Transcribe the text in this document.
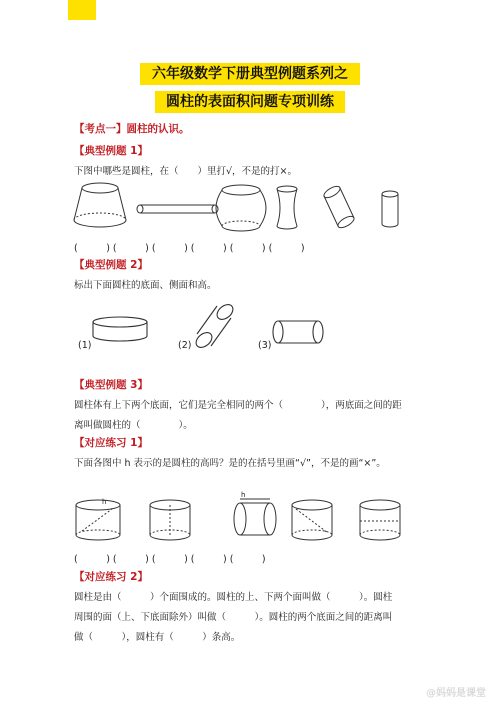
六年级数学下册典型例题系列之
圆柱的表面积问题专项训练
【考点一】圆柱的认识。
【典型例题 1】
下图中哪些是圆柱，在（　　）里打√，不是的打×。
(　　　) (　　　) (　　　) (　　　) (　　　) (　　　)
【典型例题 2】
标出下面圆柱的底面、侧面和高。
(1)	(2)	(3)
【典型例题 3】
圆柱体有上下两个底面，它们是完全相同的两个（　　　　），两底面之间的距
离叫做圆柱的（　　　　）。
【对应练习 1】
下面各图中 h 表示的是圆柱的高吗？是的在括号里画“√”，不是的画“×”。
h
h
(　　　) (　　　) (　　　) (　　　) (　　　)
【对应练习 2】
圆柱是由（　　　）个面围成的。圆柱的上、下两个面叫做（　　　）。圆柱
周围的面（上、下底面除外）叫做（　　　）。圆柱的两个底面之间的距离叫
做（　　　），圆柱有（　　　）条高。
@妈妈是课堂
